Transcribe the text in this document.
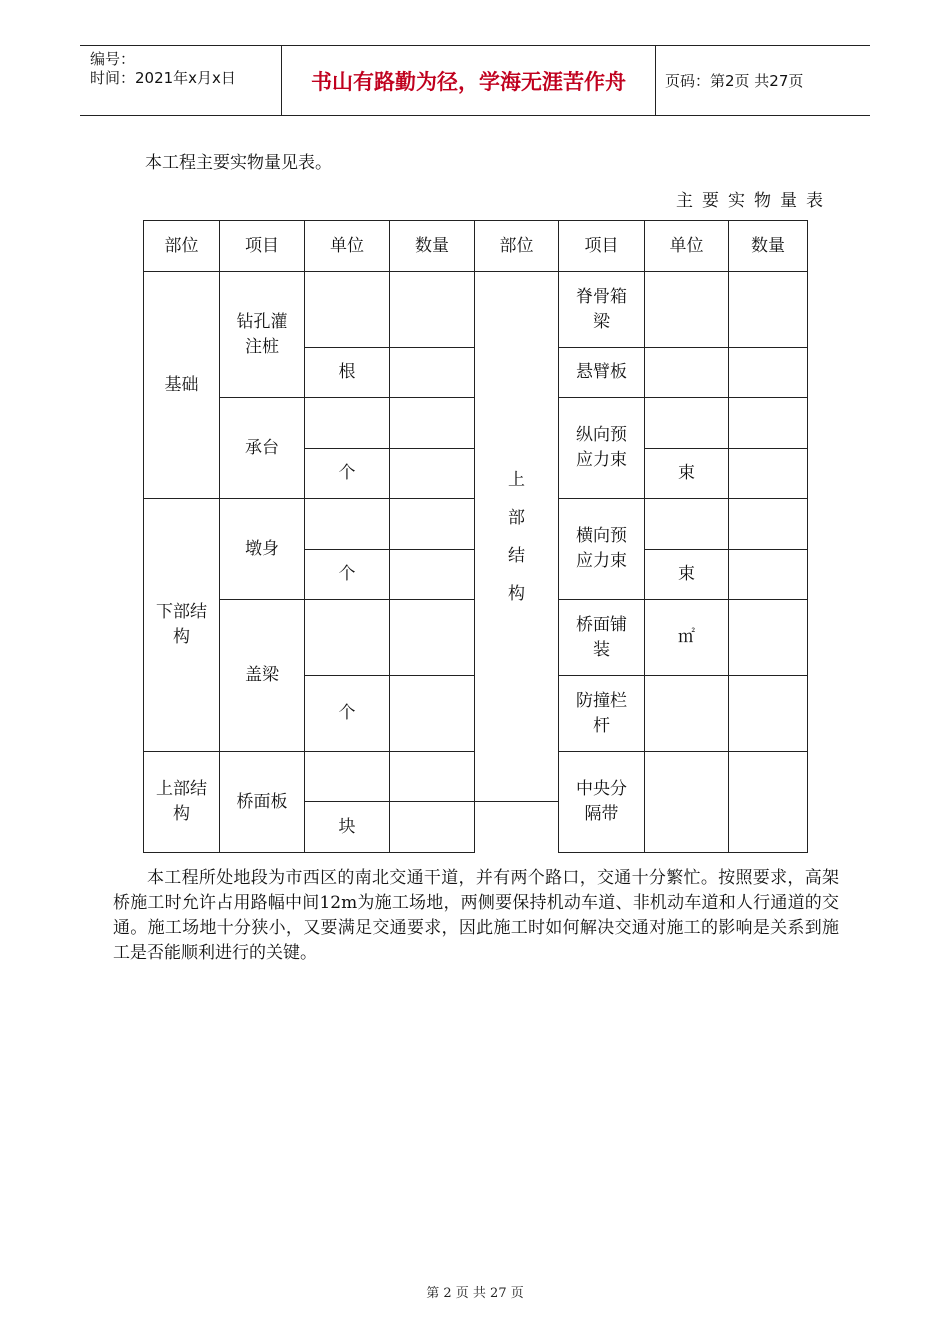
编号：
时间：2021年x月x日	书山有路勤为径，学海无涯苦作舟	页码：第2页 共27页
本工程主要实物量见表。
主要实物量表
部位	项目	单位	数量	部位	项目	单位	数量
基础	钻孔灌注桩			上部结构	脊骨箱梁		
		根			悬臂板		
	承台				纵向预应力束		
		个				束	

下部结构	墩身				横向预应力束		
		个				束	
	盖梁				桥面铺装	㎡	
		个			防撞栏杆		

上部结构	桥面板				中央分隔带		
		块					
本工程所处地段为市西区的南北交通干道，并有两个路口，交通十分繁忙。按照要求，高架桥施工时允许占用路幅中间12m为施工场地，两侧要保持机动车道、非机动车道和人行通道的交通。施工场地十分狭小，又要满足交通要求，因此施工时如何解决交通对施工的影响是关系到施工是否能顺利进行的关键。
第 2 页 共 27 页
